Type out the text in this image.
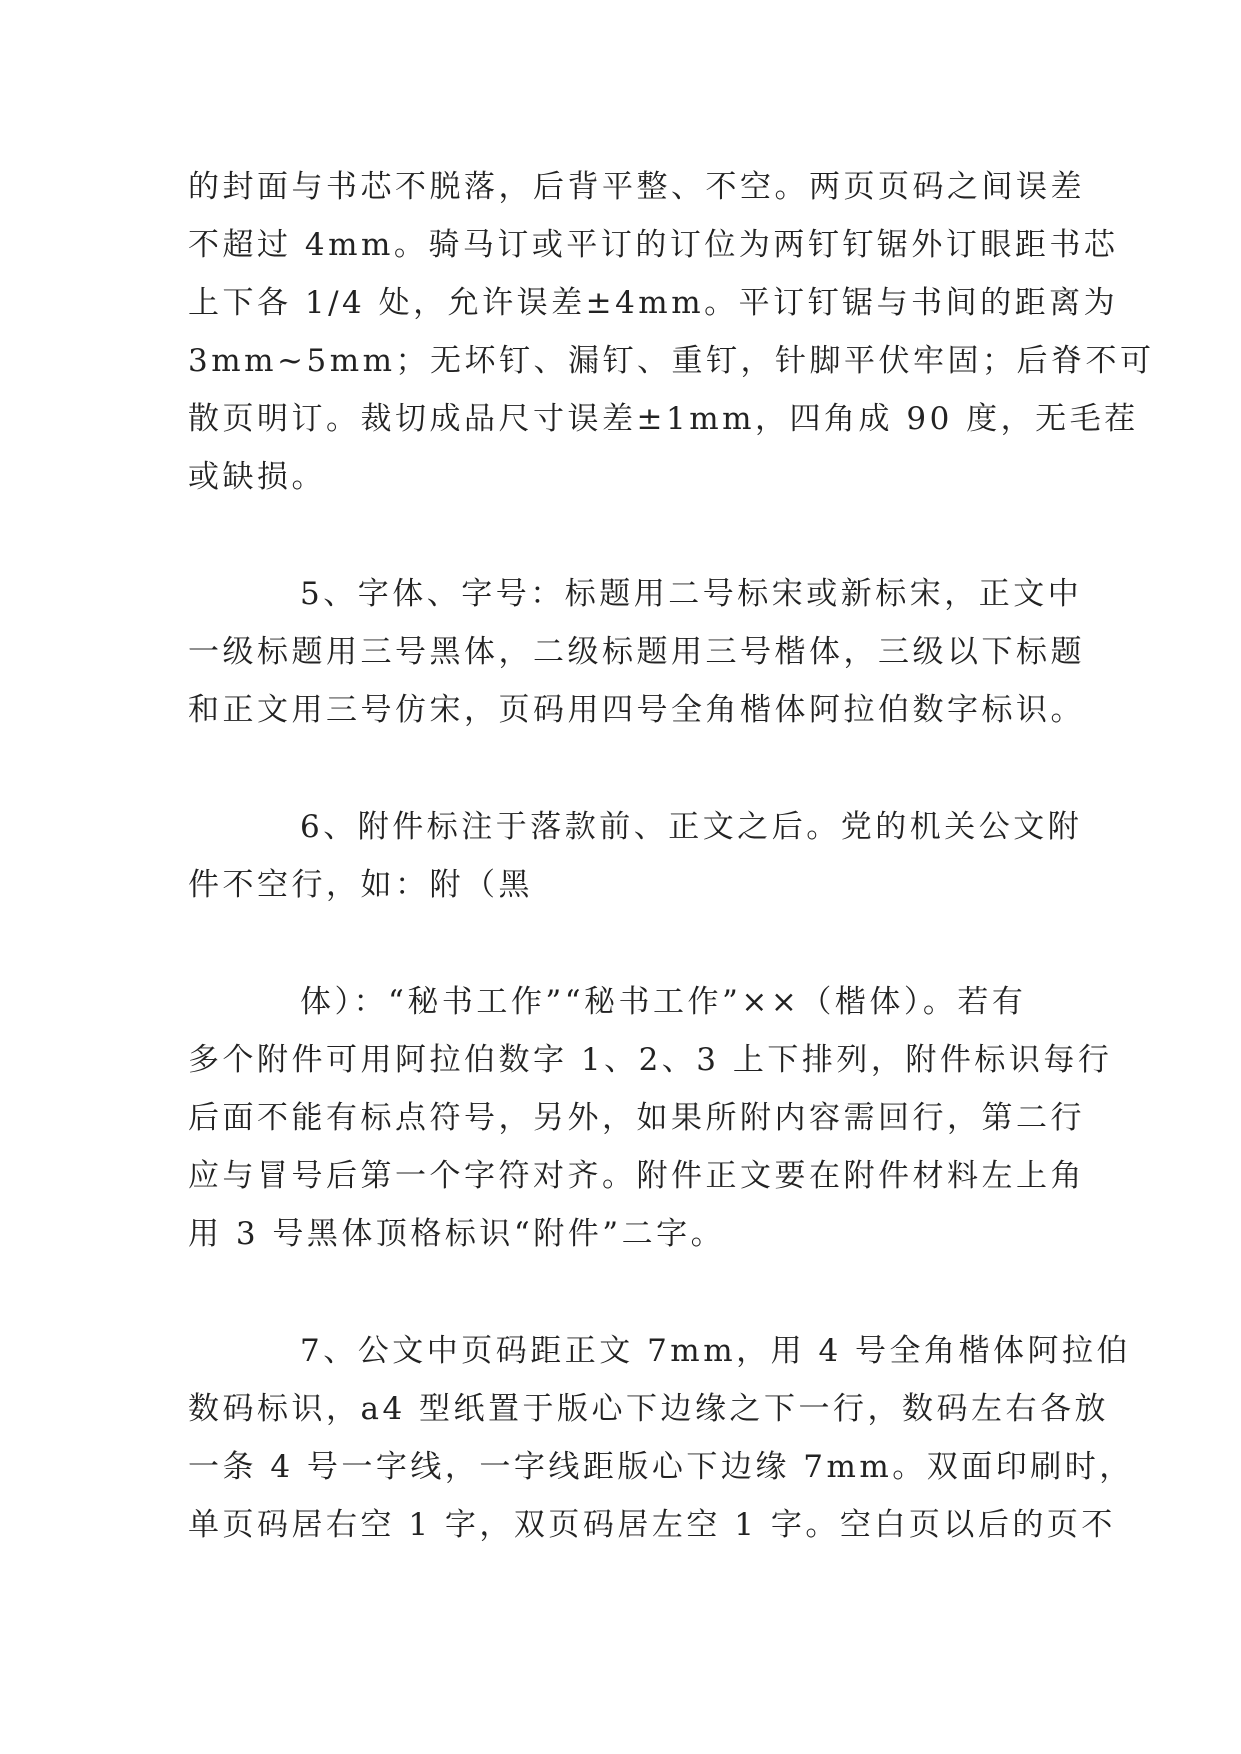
的封面与书芯不脱落，后背平整、不空。两页页码之间误差
不超过 4mm。骑马订或平订的订位为两钉钉锯外订眼距书芯
上下各 1/4 处，允许误差±4mm。平订钉锯与书间的距离为
3mm~5mm；无坏钉、漏钉、重钉，针脚平伏牢固；后脊不可
散页明订。裁切成品尺寸误差±1mm，四角成 90 度，无毛茬
或缺损。
5、字体、字号：标题用二号标宋或新标宋，正文中
一级标题用三号黑体，二级标题用三号楷体，三级以下标题
和正文用三号仿宋，页码用四号全角楷体阿拉伯数字标识。
6、附件标注于落款前、正文之后。党的机关公文附
件不空行，如：附（黑
体）：“秘书工作”“秘书工作”××（楷体）。若有
多个附件可用阿拉伯数字 1、2、3 上下排列，附件标识每行
后面不能有标点符号，另外，如果所附内容需回行，第二行
应与冒号后第一个字符对齐。附件正文要在附件材料左上角
用 3 号黑体顶格标识“附件”二字。
7、公文中页码距正文 7mm，用 4 号全角楷体阿拉伯
数码标识，a4 型纸置于版心下边缘之下一行，数码左右各放
一条 4 号一字线，一字线距版心下边缘 7mm。双面印刷时，
单页码居右空 1 字，双页码居左空 1 字。空白页以后的页不
